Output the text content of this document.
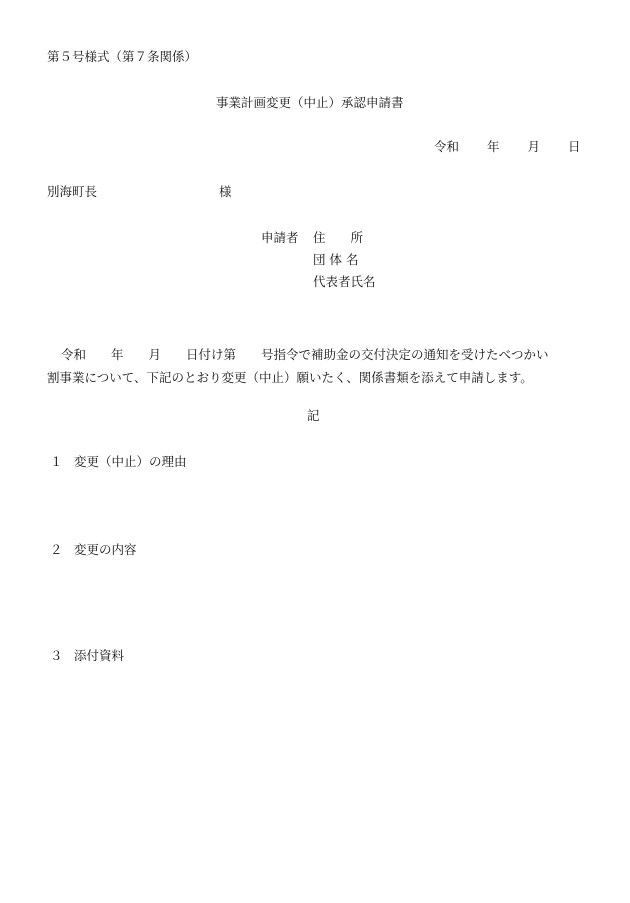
第５号様式（第７条関係）
事業計画変更（中止）承認申請書
令和 年 月 日
別海町長	様
申請者 住　　所
団 体 名
代表者氏名
令和　　年　　月　　日付け第　　号指令で補助金の交付決定の通知を受けたべつかい
割事業について、下記のとおり変更（中止）願いたく、関係書類を添えて申請します。
記
１ 変更（中止）の理由
２ 変更の内容
３ 添付資料
